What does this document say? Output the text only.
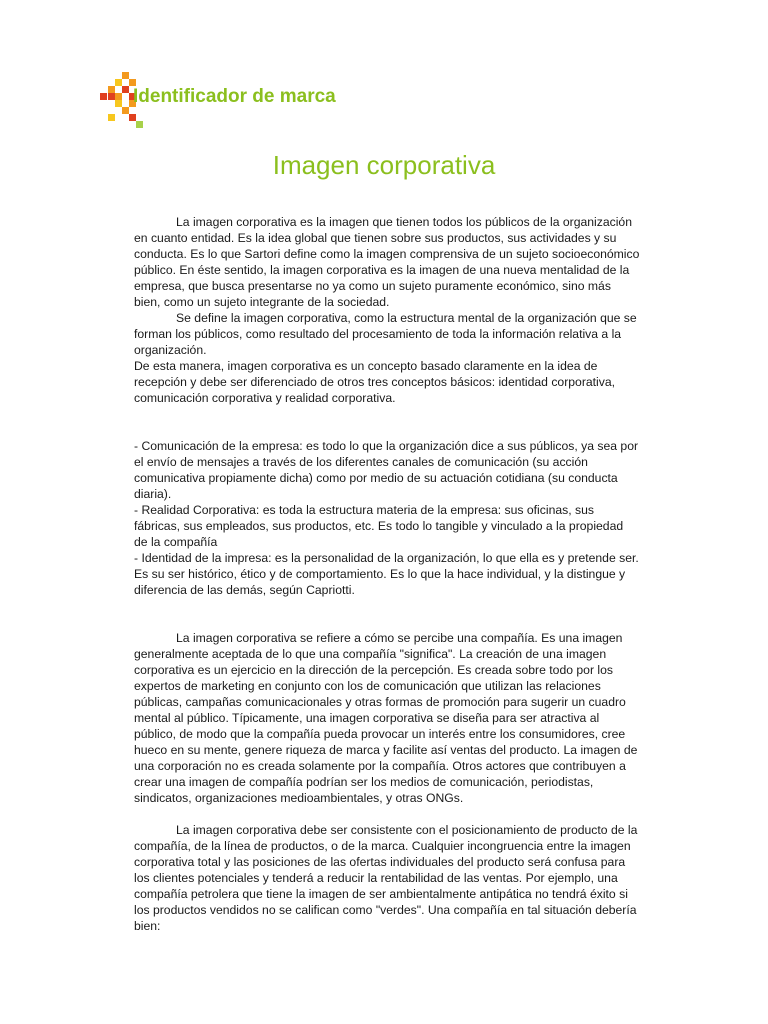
Identificador de marca
Imagen corporativa

La imagen corporativa es la imagen que tienen todos los públicos de la organización en cuanto entidad. Es la idea global que tienen sobre sus productos, sus actividades y su conducta. Es lo que Sartori define como la imagen comprensiva de un sujeto socioeconómico público. En éste sentido, la imagen corporativa es la imagen de una nueva mentalidad de la empresa, que busca presentarse no ya como un sujeto puramente económico, sino más bien, como un sujeto integrante de la sociedad.

Se define la imagen corporativa, como la estructura mental de la organización que se forman los públicos, como resultado del procesamiento de toda la información relativa a la organización.

De esta manera, imagen corporativa es un concepto basado claramente en la idea de recepción y debe ser diferenciado de otros tres conceptos básicos: identidad corporativa, comunicación corporativa y realidad corporativa.

- Comunicación de la empresa: es todo lo que la organización dice a sus públicos, ya sea por el envío de mensajes a través de los diferentes canales de comunicación (su acción comunicativa propiamente dicha) como por medio de su actuación cotidiana (su conducta diaria).

- Realidad Corporativa: es toda la estructura materia de la empresa: sus oficinas, sus fábricas, sus empleados, sus productos, etc. Es todo lo tangible y vinculado a la propiedad de la compañía

- Identidad de la impresa: es la personalidad de la organización, lo que ella es y pretende ser. Es su ser histórico, ético y de comportamiento. Es lo que la hace individual, y la distingue y diferencia de las demás, según Capriotti.

La imagen corporativa se refiere a cómo se percibe una compañía. Es una imagen generalmente aceptada de lo que una compañía "significa". La creación de una imagen corporativa es un ejercicio en la dirección de la percepción. Es creada sobre todo por los expertos de marketing en conjunto con los de comunicación que utilizan las relaciones públicas, campañas comunicacionales y otras formas de promoción para sugerir un cuadro mental al público. Típicamente, una imagen corporativa se diseña para ser atractiva al público, de modo que la compañía pueda provocar un interés entre los consumidores, cree hueco en su mente, genere riqueza de marca y facilite así ventas del producto. La imagen de una corporación no es creada solamente por la compañía. Otros actores que contribuyen a crear una imagen de compañía podrían ser los medios de comunicación, periodistas, sindicatos, organizaciones medioambientales, y otras ONGs.

La imagen corporativa debe ser consistente con el posicionamiento de producto de la compañía, de la línea de productos, o de la marca. Cualquier incongruencia entre la imagen corporativa total y las posiciones de las ofertas individuales del producto será confusa para los clientes potenciales y tenderá a reducir la rentabilidad de las ventas. Por ejemplo, una compañía petrolera que tiene la imagen de ser ambientalmente antipática no tendrá éxito si los productos vendidos no se califican como "verdes". Una compañía en tal situación debería bien:
